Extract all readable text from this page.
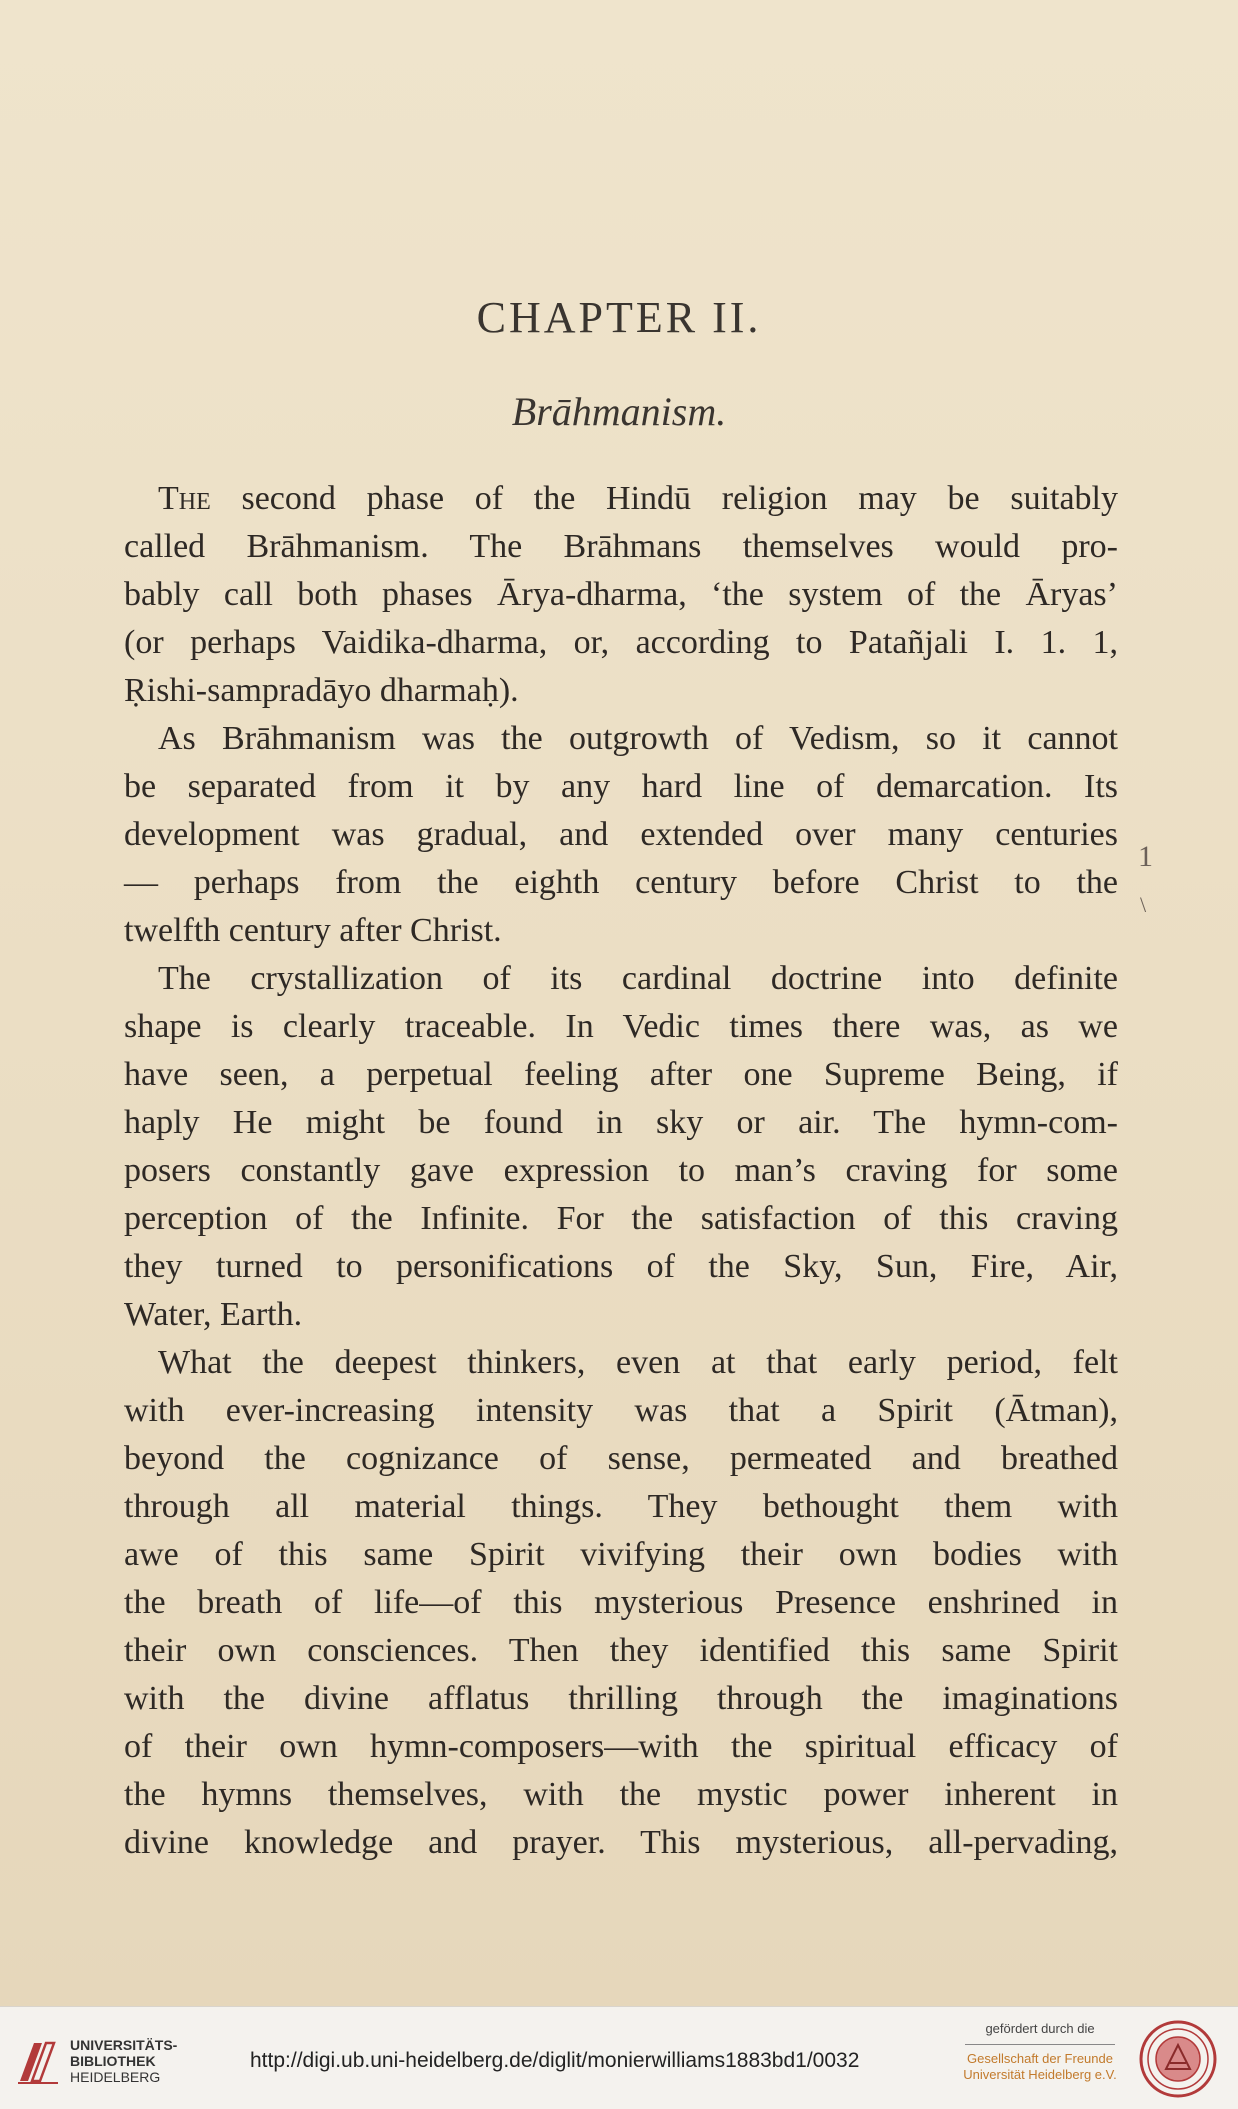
CHAPTER II.
Brāhmanism.
The second phase of the Hindū religion may be suitably
called Brāhmanism. The Brāhmans themselves would pro-
bably call both phases Ārya-dharma, ‘the system of the Āryas’
(or perhaps Vaidika-dharma, or, according to Patañjali I. 1. 1,
Ṛishi-sampradāyo dharmaḥ).
As Brāhmanism was the outgrowth of Vedism, so it cannot
be separated from it by any hard line of demarcation. Its
development was gradual, and extended over many centuries
— perhaps from the eighth century before Christ to the
twelfth century after Christ.
The crystallization of its cardinal doctrine into definite
shape is clearly traceable. In Vedic times there was, as we
have seen, a perpetual feeling after one Supreme Being, if
haply He might be found in sky or air. The hymn-com-
posers constantly gave expression to man’s craving for some
perception of the Infinite. For the satisfaction of this craving
they turned to personifications of the Sky, Sun, Fire, Air,
Water, Earth.
What the deepest thinkers, even at that early period, felt
with ever-increasing intensity was that a Spirit (Ātman),
beyond the cognizance of sense, permeated and breathed
through all material things. They bethought them with
awe of this same Spirit vivifying their own bodies with
the breath of life—of this mysterious Presence enshrined in
their own consciences. Then they identified this same Spirit
with the divine afflatus thrilling through the imaginations
of their own hymn-composers—with the spiritual efficacy of
the hymns themselves, with the mystic power inherent in
divine knowledge and prayer. This mysterious, all-pervading,
1
\
UNIVERSITÄTS-
BIBLIOTHEK
HEIDELBERG
http://digi.ub.uni-heidelberg.de/diglit/monierwilliams1883bd1/0032
gefördert durch die
Gesellschaft der Freunde
Universität Heidelberg e.V.
